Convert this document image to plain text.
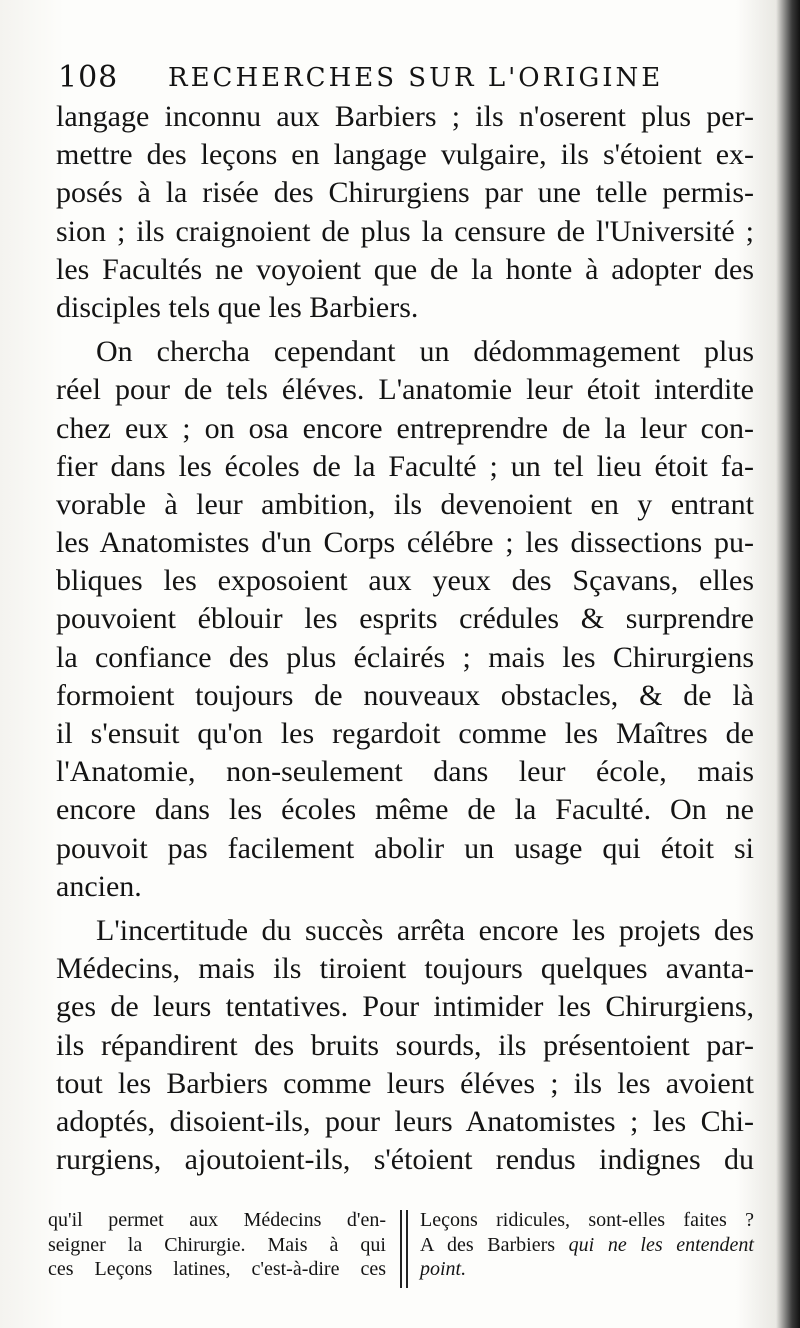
108 RECHERCHES SUR L'ORIGINE
langage inconnu aux Barbiers ; ils n'oserent plus per-
mettre des leçons en langage vulgaire, ils s'étoient ex-
posés à la risée des Chirurgiens par une telle permis-
sion ; ils craignoient de plus la censure de l'Université ;
les Facultés ne voyoient que de la honte à adopter des
disciples tels que les Barbiers.
On chercha cependant un dédommagement plus
réel pour de tels éléves. L'anatomie leur étoit interdite
chez eux ; on osa encore entreprendre de la leur con-
fier dans les écoles de la Faculté ; un tel lieu étoit fa-
vorable à leur ambition, ils devenoient en y entrant
les Anatomistes d'un Corps célébre ; les dissections pu-
bliques les exposoient aux yeux des Sçavans, elles
pouvoient éblouir les esprits crédules & surprendre
la confiance des plus éclairés ; mais les Chirurgiens
formoient toujours de nouveaux obstacles, & de là
il s'ensuit qu'on les regardoit comme les Maîtres de
l'Anatomie, non-seulement dans leur école, mais
encore dans les écoles même de la Faculté. On ne
pouvoit pas facilement abolir un usage qui étoit si
ancien.
L'incertitude du succès arrêta encore les projets des
Médecins, mais ils tiroient toujours quelques avanta-
ges de leurs tentatives. Pour intimider les Chirurgiens,
ils répandirent des bruits sourds, ils présentoient par-
tout les Barbiers comme leurs éléves ; ils les avoient
adoptés, disoient-ils, pour leurs Anatomistes ; les Chi-
rurgiens, ajoutoient-ils, s'étoient rendus indignes du
qu'il permet aux Médecins d'en-
seigner la Chirurgie. Mais à qui
ces Leçons latines, c'est-à-dire ces
Leçons ridicules, sont-elles faites ?
A des Barbiers qui ne les entendent
point.
